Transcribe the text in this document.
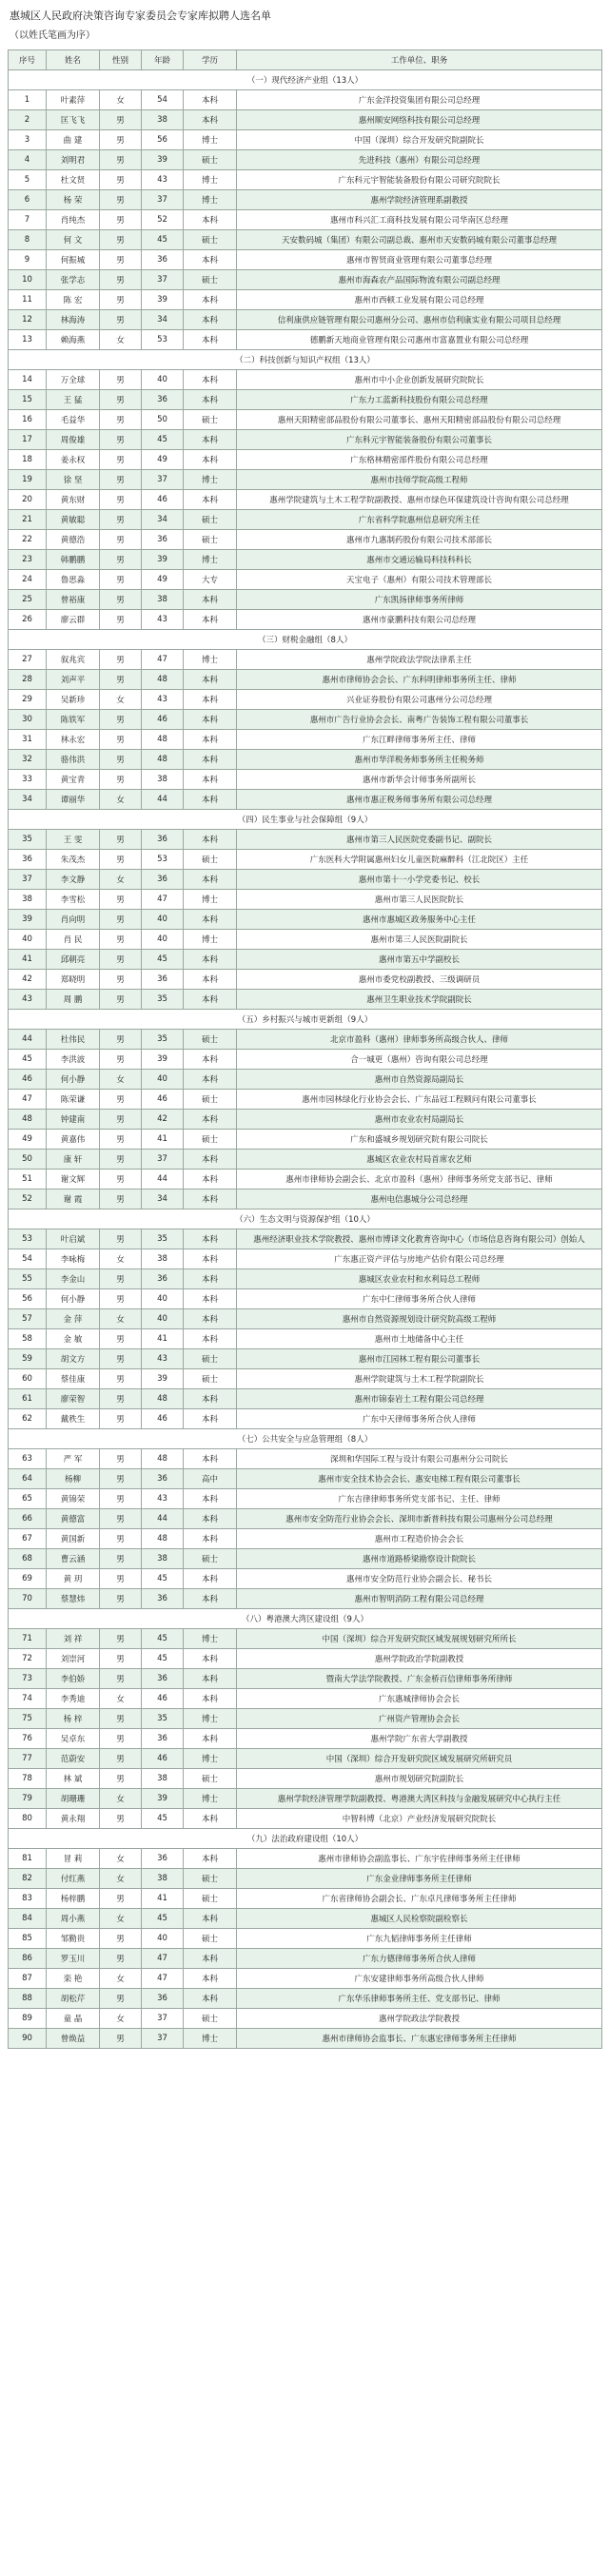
惠城区人民政府决策咨询专家委员会专家库拟聘人选名单
（以姓氏笔画为序）
序号	姓名	性别	年龄	学历	工作单位、职务
（一）现代经济产业组（13人）					
1	叶素萍	女	54	本科	广东金洋投资集团有限公司总经理
2	匡飞飞	男	38	本科	惠州顺安网络科技有限公司总经理
3	曲 建	男	56	博士	中国（深圳）综合开发研究院副院长
4	刘明君	男	39	硕士	先进科技（惠州）有限公司总经理
5	杜文贤	男	43	博士	广东科元宇智能装备股份有限公司研究院院长
6	杨 荣	男	37	博士	惠州学院经济管理系副教授
7	肖纯杰	男	52	本科	惠州市科兴汇工商科技发展有限公司华南区总经理
8	何 文	男	45	硕士	天安数码城（集团）有限公司副总裁、惠州市天安数码城有限公司董事总经理
9	何振城	男	36	本科	惠州市智贤商业管理有限公司董事总经理
10	张学志	男	37	硕士	惠州市海森农产品国际物流有限公司副总经理
11	陈 宏	男	39	本科	惠州市西顿工业发展有限公司总经理
12	林海涛	男	34	本科	信利康供应链管理有限公司惠州分公司、惠州市信利康实业有限公司项目总经理
13	赖海燕	女	53	本科	德鹏新天地商业管理有限公司惠州市富嘉置业有限公司总经理
（二）科技创新与知识产权组（13人）					
14	万全球	男	40	本科	惠州市中小企业创新发展研究院院长
15	王 猛	男	36	本科	广东力工蓝新科技股份有限公司总经理
16	毛益华	男	50	硕士	惠州天阳精密部品股份有限公司董事长、惠州天阳精密部品股份有限公司总经理
17	周俊雄	男	45	本科	广东科元宇智能装备股份有限公司董事长
18	姜永权	男	49	本科	广东格林精密部件股份有限公司总经理
19	徐 坚	男	37	博士	惠州市技师学院高级工程师
20	黄东财	男	46	本科	惠州学院建筑与土木工程学院副教授、惠州市绿色环保建筑设计咨询有限公司总经理
21	黄敏聪	男	34	硕士	广东省科学院惠州信息研究所主任
22	黄德浩	男	36	硕士	惠州市九惠制药股份有限公司技术部部长
23	韩鹏鹏	男	39	博士	惠州市交通运输局科技科科长
24	鲁思淼	男	49	大专	天宝电子（惠州）有限公司技术管理部长
25	曾裕康	男	38	本科	广东凯扬律师事务所律师
26	廖云群	男	43	本科	惠州市豪鹏科技有限公司总经理
（三）财税金融组（8人）					
27	叙兆宾	男	47	博士	惠州学院政法学院法律系主任
28	刘声平	男	48	本科	惠州市律师协会会长、广东科明律师事务所主任、律师
29	吴新珍	女	43	本科	兴业证券股份有限公司惠州分公司总经理
30	陈铁军	男	46	本科	惠州市广告行业协会会长、南粤广告装饰工程有限公司董事长
31	林永宏	男	48	本科	广东江畔律师事务所主任、律师
32	骆伟洪	男	48	本科	惠州市华洋税务师事务所主任税务师
33	黄宝青	男	38	本科	惠州市新华会计师事务所副所长
34	谭丽华	女	44	本科	惠州市惠正税务师事务所有限公司总经理
（四）民生事业与社会保障组（9人）					
35	王 雯	男	36	本科	惠州市第三人民医院党委副书记、副院长
36	朱茂杰	男	53	硕士	广东医科大学附属惠州妇女儿童医院麻醉科（江北院区）主任
37	李文静	女	36	本科	惠州市第十一小学党委书记、校长
38	李雪松	男	47	博士	惠州市第三人民医院院长
39	肖向明	男	40	本科	惠州市惠城区政务服务中心主任
40	肖 民	男	40	博士	惠州市第三人民医院副院长
41	邱朝亮	男	45	本科	惠州市第五中学副校长
42	郑晓明	男	36	本科	惠州市委党校副教授、三级调研员
43	周 鹏	男	35	本科	惠州卫生职业技术学院副院长
（五）乡村振兴与城市更新组（9人）					
44	杜伟民	男	35	硕士	北京市盈科（惠州）律师事务所高级合伙人、律师
45	李洪波	男	39	本科	合一城更（惠州）咨询有限公司总经理
46	何小静	女	40	本科	惠州市自然资源局副局长
47	陈荣谦	男	46	硕士	惠州市园林绿化行业协会会长、广东品冠工程顾问有限公司董事长
48	钟建南	男	42	本科	惠州市农业农村局副局长
49	黄嘉伟	男	41	硕士	广东和盛城乡规划研究院有限公司院长
50	康 轩	男	37	本科	惠城区农业农村局首席农艺师
51	谢文辉	男	44	本科	惠州市律师协会副会长、北京市盈科（惠州）律师事务所党支部书记、律师
52	谢 霞	男	34	本科	惠州电信惠城分公司总经理
（六）生态文明与资源保护组（10人）					
53	叶启斌	男	35	本科	惠州经济职业技术学院教授、惠州市博译文化教育咨询中心（市场信息咨询有限公司）创始人
54	李咏梅	女	38	本科	广东惠正资产评估与房地产估价有限公司总经理
55	李金山	男	36	本科	惠城区农业农村和水利局总工程师
56	何小静	男	40	本科	广东中仁律师事务所合伙人律师
57	金 萍	女	40	本科	惠州市自然资源规划设计研究院高级工程师
58	金 敏	男	41	本科	惠州市土地储备中心主任
59	胡文方	男	43	硕士	惠州市江园林工程有限公司董事长
60	蔡佳康	男	39	硕士	惠州学院建筑与土木工程学院副院长
61	廖荣智	男	48	本科	惠州市锦泰岩土工程有限公司总经理
62	戴秩生	男	46	本科	广东中天律师事务所合伙人律师
（七）公共安全与应急管理组（8人）					
63	严 军	男	48	本科	深圳和华国际工程与设计有限公司惠州分公司院长
64	杨柳	男	36	高中	惠州市安全技术协会会长、惠安电梯工程有限公司董事长
65	黄锦荣	男	43	本科	广东吉律律师事务所党支部书记、主任、律师
66	黄德富	男	44	本科	惠州市安全防范行业协会会长、深圳市新普科技有限公司惠州分公司总经理
67	黄国新	男	48	本科	惠州市工程造价协会会长
68	曹云涵	男	38	硕士	惠州市道路桥梁勘察设计院院长
69	黄 玥	男	45	本科	惠州市安全防范行业协会副会长、秘书长
70	蔡慧炜	男	36	本科	惠州市智明消防工程有限公司总经理
（八）粤港澳大湾区建设组（9人）					
71	刘 祥	男	45	博士	中国（深圳）综合开发研究院区域发展规划研究所所长
72	刘崇河	男	45	本科	惠州学院政治学院副教授
73	李伯娇	男	36	本科	暨南大学法学院教授、广东金桥百信律师事务所律师
74	李秀迪	女	46	本科	广东惠城律师协会会长
75	杨 梓	男	35	博士	广州资产管理协会会长
76	吴卓东	男	36	本科	惠州学院广东省大学副教授
77	范蔚安	男	46	博士	中国（深圳）综合开发研究院区域发展研究所研究员
78	林 斌	男	38	硕士	惠州市规划研究院副院长
79	胡珊珊	女	39	博士	惠州学院经济管理学院副教授、粤港澳大湾区科技与金融发展研究中心执行主任
80	黄永翔	男	45	本科	中智科博（北京）产业经济发展研究院院长
（九）法治政府建设组（10人）					
81	冒 莉	女	36	本科	惠州市律师协会副监事长、广东宇佐律师事务所主任律师
82	付红燕	女	38	硕士	广东金业律师事务所主任律师
83	杨梓鹏	男	41	硕士	广东省律师协会副会长、广东卓凡律师事务所主任律师
84	周小燕	女	45	本科	惠城区人民检察院副检察长
85	邹勤贵	男	40	硕士	广东九韬律师事务所主任律师
86	罗玉川	男	47	本科	广东力德律师事务所合伙人律师
87	栾 艳	女	47	本科	广东安建律师事务所高级合伙人律师
88	胡松芹	男	36	本科	广东华乐律师事务所主任、党支部书记、律师
89	童 晶	女	37	硕士	惠州学院政法学院教授
90	曾焕益	男	37	博士	惠州市律师协会监事长、广东惠宏律师事务所主任律师
